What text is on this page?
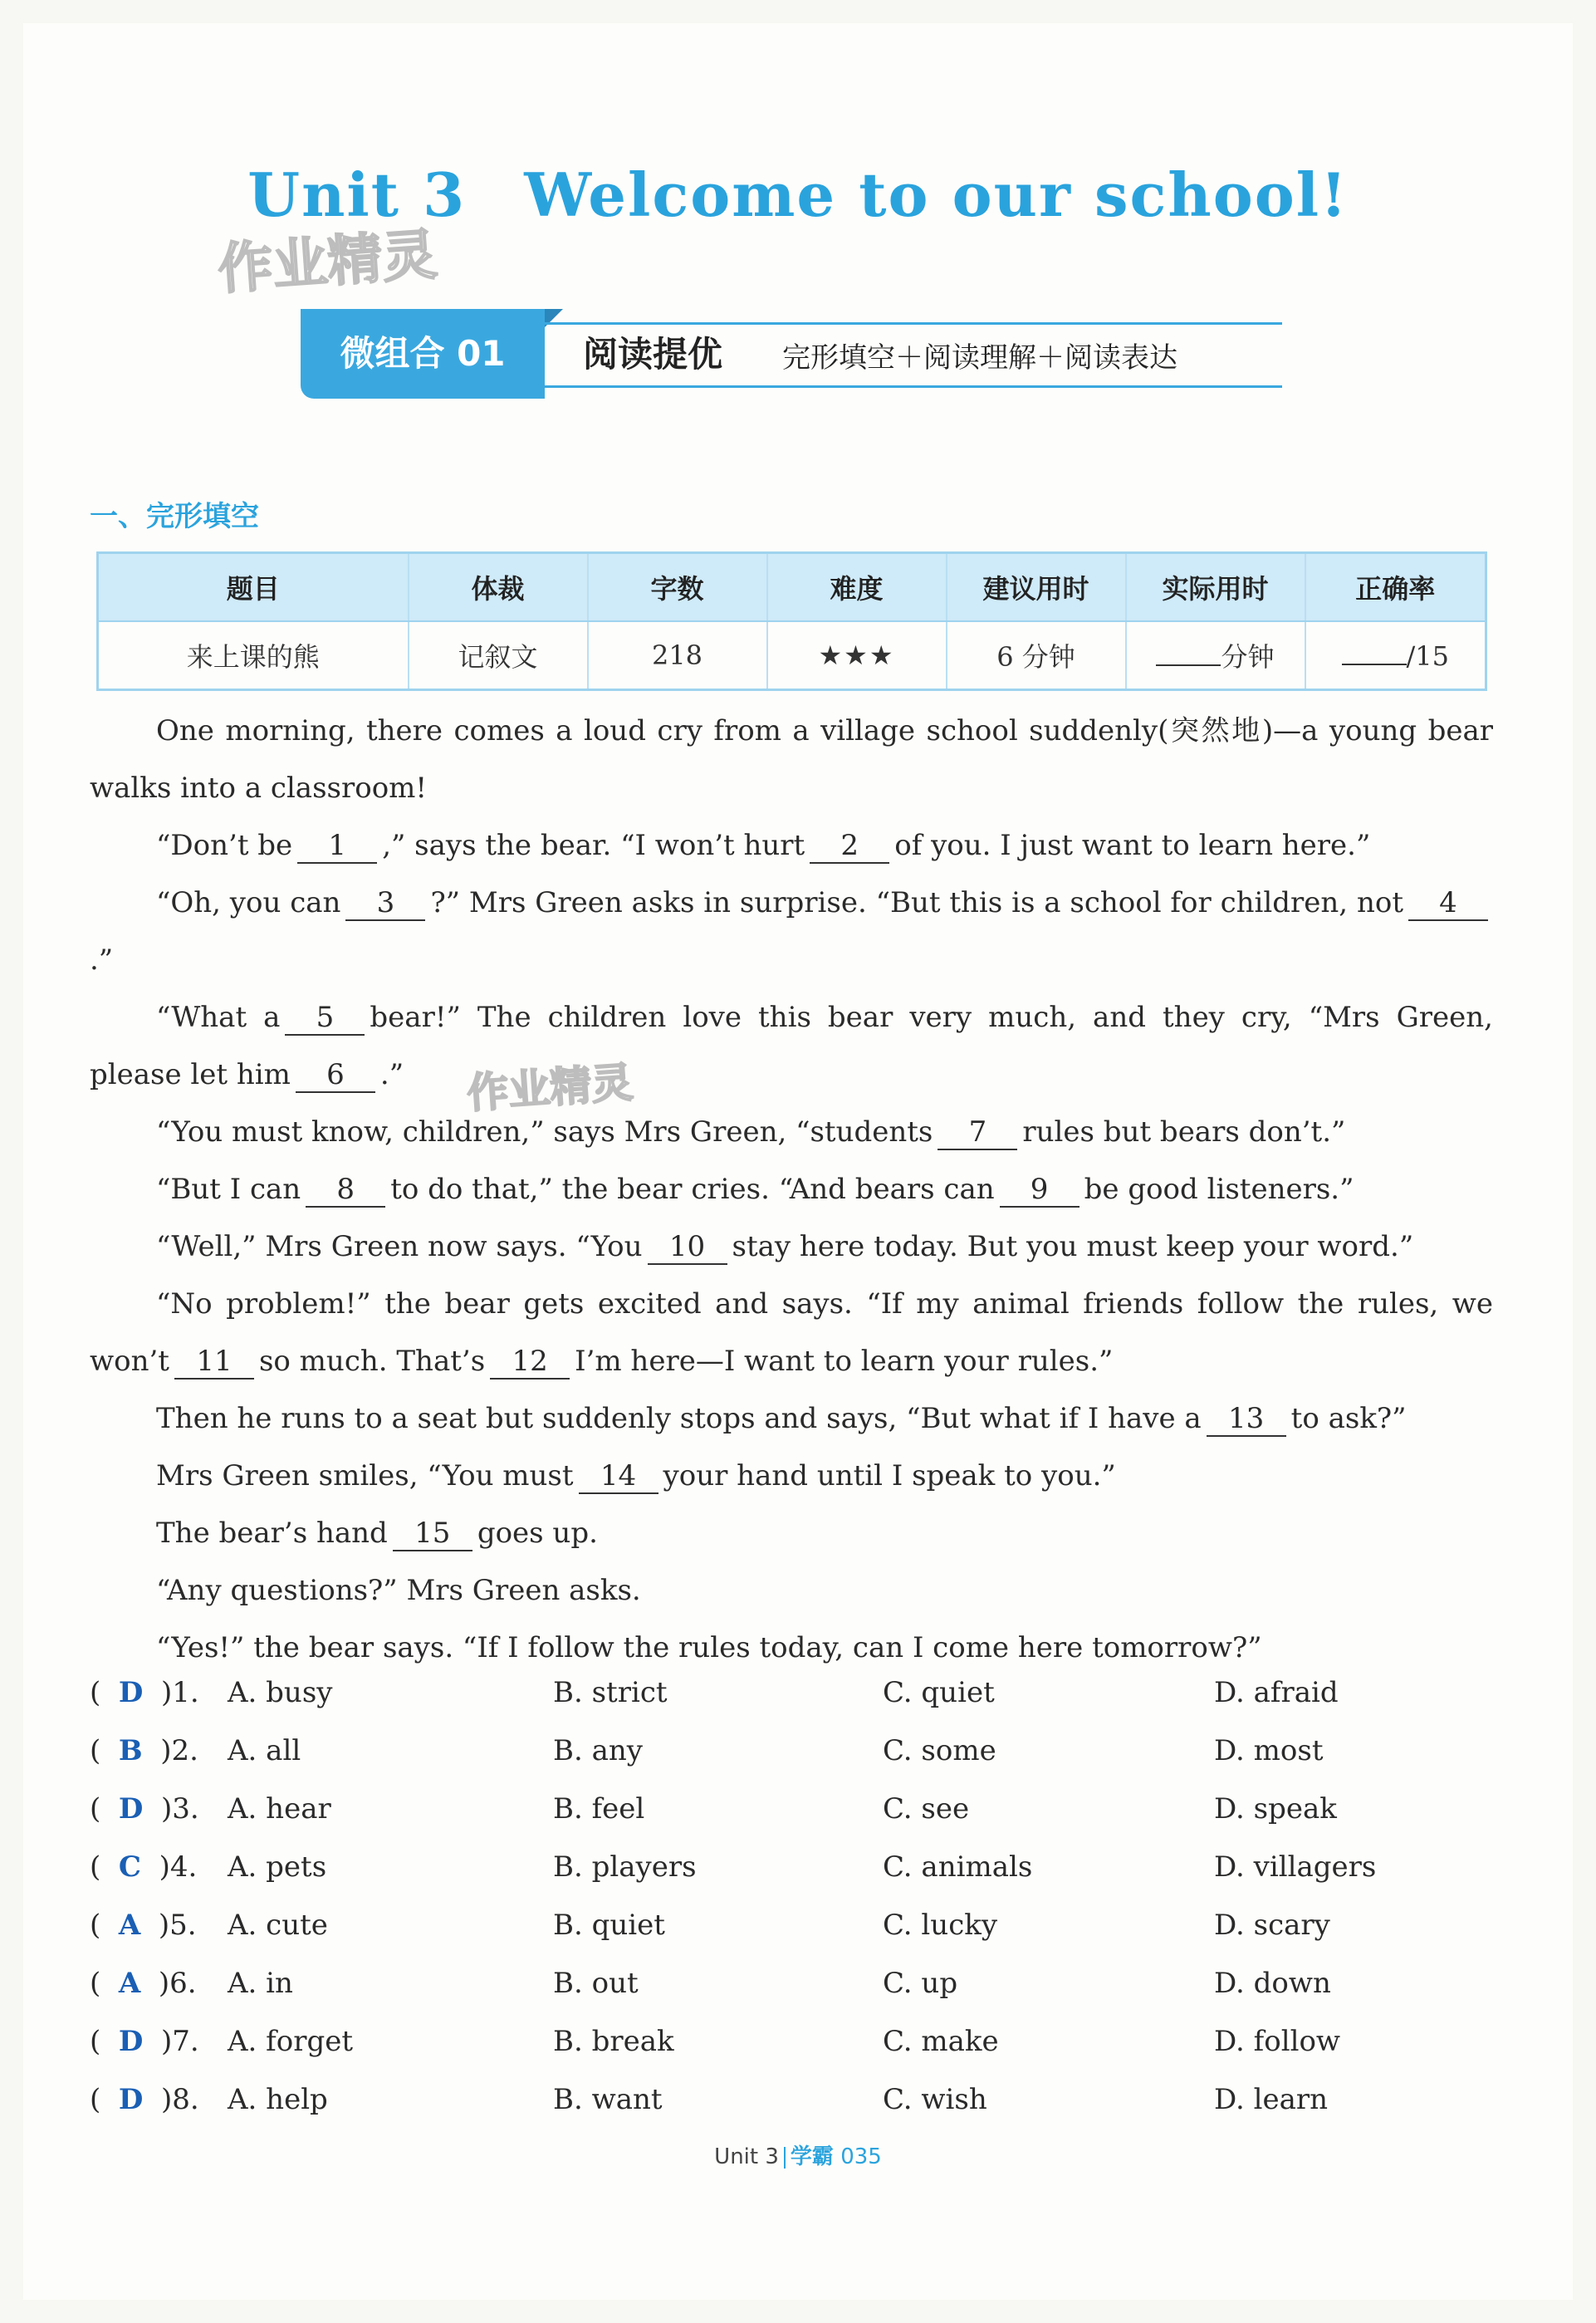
Unit 3 Welcome to our school!
作业精灵
作业精灵
微组合 01	阅读提优 完形填空＋阅读理解＋阅读表达
一、完形填空
题目	体裁	字数	难度	建议用时	实际用时	正确率
来上课的熊	记叙文	218	★★★	6 分钟	分钟	/15

One morning, there comes a loud cry from a village school suddenly(突然地)—a young bear walks into a classroom!

“Don’t be 1 ,” says the bear. “I won’t hurt 2 of you. I just want to learn here.”

“Oh, you can 3 ?” Mrs Green asks in surprise. “But this is a school for children, not 4.”

“What a 5 bear!” The children love this bear very much, and they cry, “Mrs Green, please let him 6 .”

“You must know, children,” says Mrs Green, “students 7 rules but bears don’t.”

“But I can 8 to do that,” the bear cries. “And bears can 9 be good listeners.”

“Well,” Mrs Green now says. “You 10 stay here today. But you must keep your word.”

“No problem!” the bear gets excited and says. “If my animal friends follow the rules, we won’t 11 so much. That’s 12 I’m here—I want to learn your rules.”

Then he runs to a seat but suddenly stops and says, “But what if I have a 13 to ask?”

Mrs Green smiles, “You must 14 your hand until I speak to you.”

The bear’s hand 15 goes up.

“Any questions?” Mrs Green asks.

“Yes!” the bear says. “If I follow the rules today, can I come here tomorrow?”

(  D )1. A. busy	B. strict	C. quiet	D. afraid
(  B )2. A. all	B. any	C. some	D. most
(  D )3. A. hear	B. feel	C. see	D. speak
(  C )4. A. pets	B. players	C. animals	D. villagers
(  A )5. A. cute	B. quiet	C. lucky	D. scary
(  A )6. A. in	B. out	C. up	D. down
(  D )7. A. forget	B. break	C. make	D. follow
(  D )8. A. help	B. want	C. wish	D. learn
Unit 3 学霸 035
